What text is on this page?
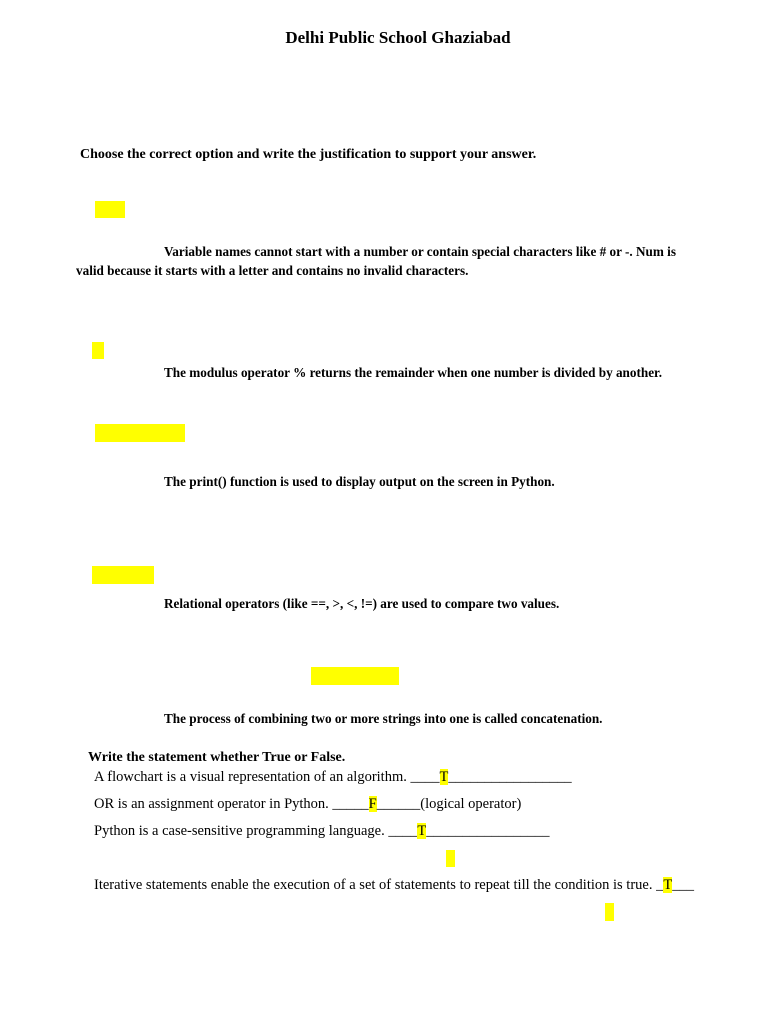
Delhi Public School Ghaziabad
Choose the correct option and write the justification to support your answer.
Variable names cannot start with a number or contain special characters like # or -. Num is
valid because it starts with a letter and contains no invalid characters.
The modulus operator % returns the remainder when one number is divided by another.
The print() function is used to display output on the screen in Python.
Relational operators (like ==, >, <, !=) are used to compare two values.
The process of combining two or more strings into one is called concatenation.
Write the statement whether True or False.
A flowchart is a visual representation of an algorithm. ____T_________________
OR is an assignment operator in Python. _____F______(logical operator)
Python is a case-sensitive programming language. ____T_________________
Iterative statements enable the execution of a set of statements to repeat till the condition is true. _T___
